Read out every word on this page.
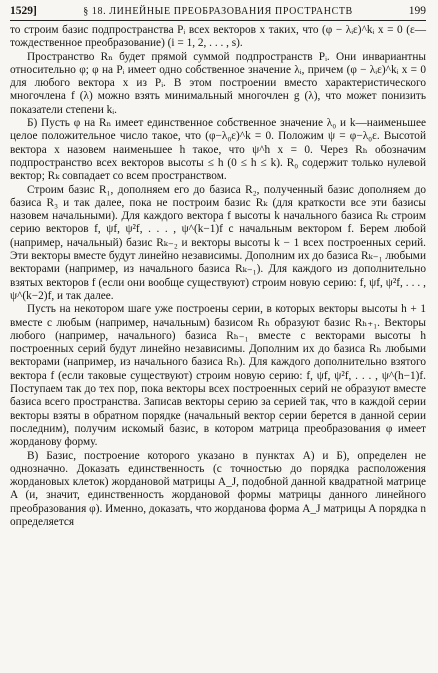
1529]	§ 18. ЛИНЕЙНЫЕ ПРЕОБРАЗОВАНИЯ ПРОСТРАНСТВ	199

то строим базис подпространства Pᵢ всех векторов x таких, что (φ − λᵢε)^kᵢ x = 0 (ε—тождественное преобразование) (i = 1, 2, . . . , s).

Пространство Rₙ будет прямой суммой подпространств Pᵢ. Они инвариантны относительно φ; φ на Pᵢ имеет одно собственное значение λᵢ, причем (φ − λᵢε)^kᵢ x = 0 для любого вектора x из Pᵢ. В этом построении вместо характеристического многочлена f (λ) можно взять минимальный многочлен g (λ), что может понизить показатели степени kᵢ.

Б) Пусть φ на Rₙ имеет единственное собственное значение λ₀ и k—наименьшее целое положительное число такое, что (φ−λ₀ε)^k = 0. Положим ψ = φ−λ₀ε. Высотой вектора x назовем наименьшее h такое, что ψ^h x = 0. Через Rₕ обозначим подпространство всех векторов высоты ≤ h (0 ≤ h ≤ k). R₀ содержит только нулевой вектор; Rₖ совпадает со всем пространством.

Строим базис R₁, дополняем его до базиса R₂, полученный базис дополняем до базиса R₃ и так далее, пока не построим базис Rₖ (для краткости все эти базисы назовем начальными). Для каждого вектора f высоты k начального базиса Rₖ строим серию векторов f, ψf, ψ²f, . . . , ψ^(k−1)f с начальным вектором f. Берем любой (например, начальный) базис Rₖ₋₂ и векторы высоты k − 1 всех построенных серий. Эти векторы вместе будут линейно независимы. Дополним их до базиса Rₖ₋₁ любыми векторами (например, из начального базиса Rₖ₋₁). Для каждого из дополнительно взятых векторов f (если они вообще существуют) строим новую серию: f, ψf, ψ²f, . . . , ψ^(k−2)f, и так далее.

Пусть на некотором шаге уже построены серии, в которых векторы высоты h + 1 вместе с любым (например, начальным) базисом Rₕ образуют базис Rₕ₊₁. Векторы любого (например, начального) базиса Rₕ₋₁ вместе с векторами высоты h построенных серий будут линейно независимы. Дополним их до базиса Rₕ любыми векторами (например, из начального базиса Rₕ). Для каждого дополнительно взятого вектора f (если таковые существуют) строим новую серию: f, ψf, ψ²f, . . . , ψ^(h−1)f. Поступаем так до тех пор, пока векторы всех построенных серий не образуют вместе базиса всего пространства. Записав векторы серию за серией так, что в каждой серии векторы взяты в обратном порядке (начальный вектор серии берется в данной серии последним), получим искомый базис, в котором матрица преобразования φ имеет жорданову форму.

В) Базис, построение которого указано в пунктах А) и Б), определен не однозначно. Доказать единственность (с точностью до порядка расположения жордановых клеток) жордановой матрицы A_J, подобной данной квадратной матрице A (и, значит, единственность жордановой формы матрицы данного линейного преобразования φ). Именно, доказать, что жорданова форма A_J матрицы A порядка n определяется
